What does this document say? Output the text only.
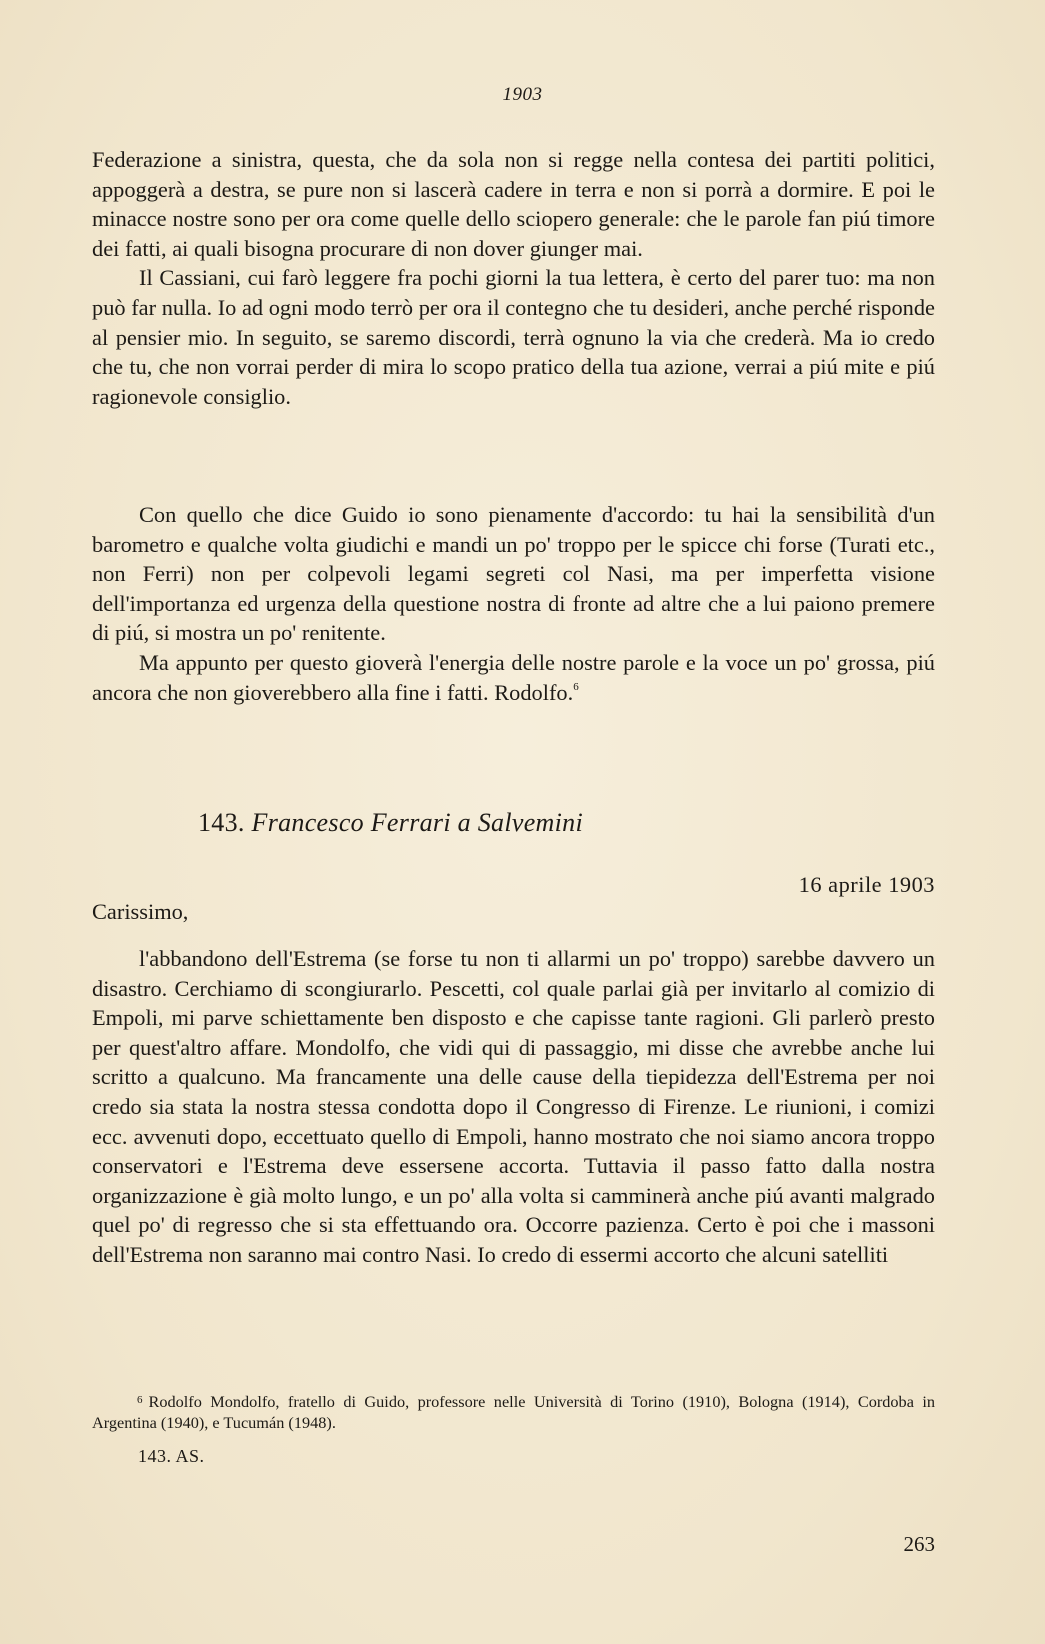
1903

Federazione a sinistra, questa, che da sola non si regge nella contesa dei partiti politici, appoggerà a destra, se pure non si lascerà cadere in terra e non si porrà a dormire. E poi le minacce nostre sono per ora come quelle dello sciopero generale: che le parole fan piú timore dei fatti, ai quali bisogna procurare di non dover giunger mai.

Il Cassiani, cui farò leggere fra pochi giorni la tua lettera, è certo del parer tuo: ma non può far nulla. Io ad ogni modo terrò per ora il contegno che tu desideri, anche perché risponde al pensier mio. In seguito, se saremo discordi, terrà ognuno la via che crederà. Ma io credo che tu, che non vorrai perder di mira lo scopo pratico della tua azione, verrai a piú mite e piú ragionevole consiglio.

Con quello che dice Guido io sono pienamente d'accordo: tu hai la sensibilità d'un barometro e qualche volta giudichi e mandi un po' troppo per le spicce chi forse (Turati etc., non Ferri) non per colpevoli legami segreti col Nasi, ma per imperfetta visione dell'importanza ed urgenza della questione nostra di fronte ad altre che a lui paiono premere di piú, si mostra un po' renitente.

Ma appunto per questo gioverà l'energia delle nostre parole e la voce un po' grossa, piú ancora che non gioverebbero alla fine i fatti. Rodolfo.$^6$

143. Francesco Ferrari a Salvemini
16 aprile 1903
Carissimo,

l'abbandono dell'Estrema (se forse tu non ti allarmi un po' troppo) sarebbe davvero un disastro. Cerchiamo di scongiurarlo. Pescetti, col quale parlai già per invitarlo al comizio di Empoli, mi parve schiettamente ben disposto e che capisse tante ragioni. Gli parlerò presto per quest'altro affare. Mondolfo, che vidi qui di passaggio, mi disse che avrebbe anche lui scritto a qualcuno. Ma francamente una delle cause della tiepidezza dell'Estrema per noi credo sia stata la nostra stessa condotta dopo il Congresso di Firenze. Le riunioni, i comizi ecc. avvenuti dopo, eccettuato quello di Empoli, hanno mostrato che noi siamo ancora troppo conservatori e l'Estrema deve essersene accorta. Tuttavia il passo fatto dalla nostra organizzazione è già molto lungo, e un po' alla volta si camminerà anche piú avanti malgrado quel po' di regresso che si sta effettuando ora. Occorre pazienza. Certo è poi che i massoni dell'Estrema non saranno mai contro Nasi. Io credo di essermi accorto che alcuni satelliti

6 Rodolfo Mondolfo, fratello di Guido, professore nelle Università di Torino (1910), Bologna (1914), Cordoba in Argentina (1940), e Tucumán (1948).
143. AS.
263
